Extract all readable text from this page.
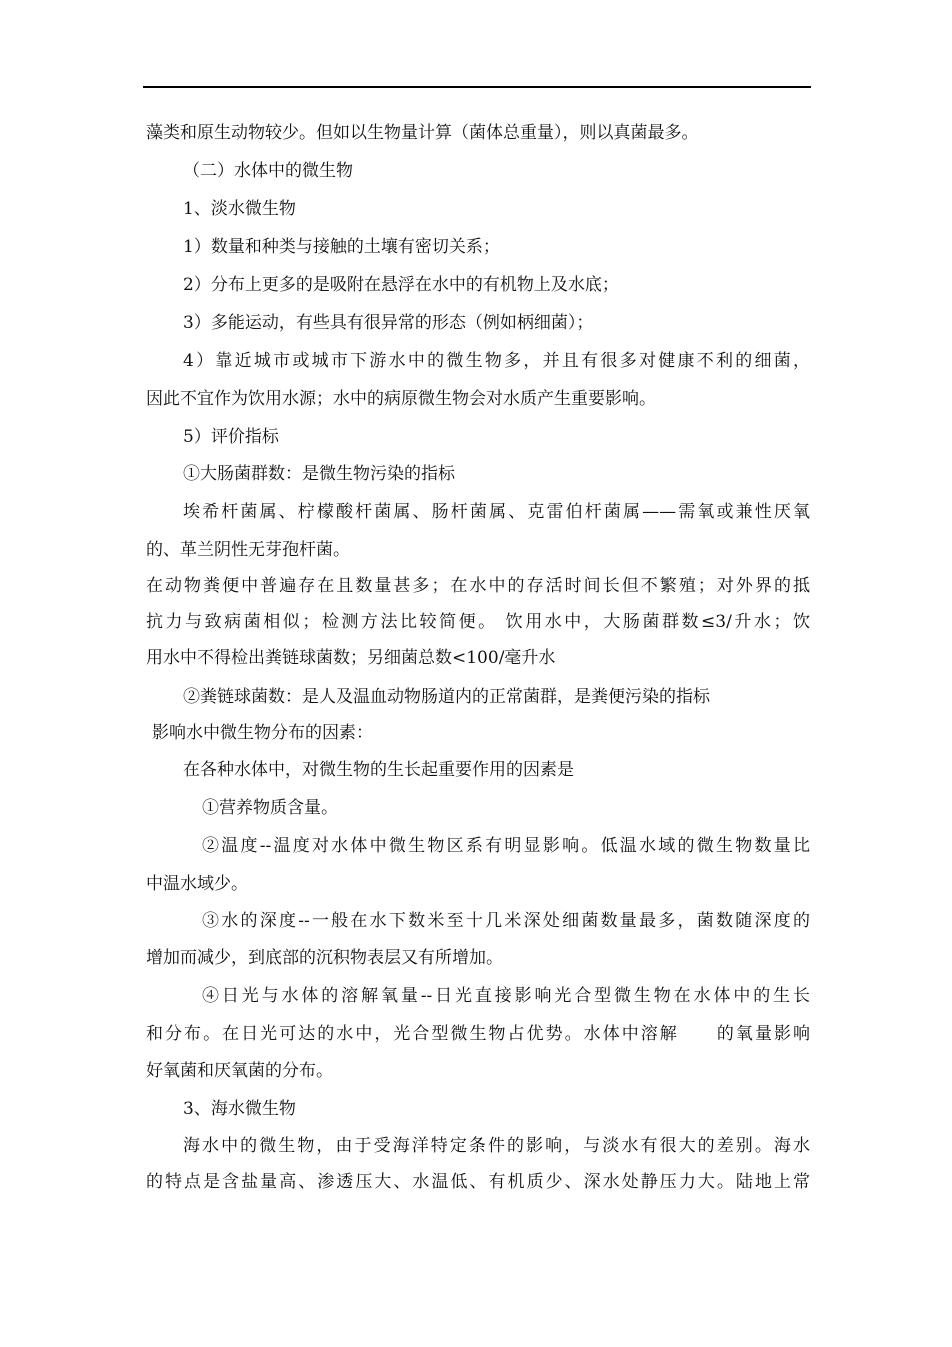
藻类和原生动物较少。但如以生物量计算（菌体总重量），则以真菌最多。
（二）水体中的微生物
1、淡水微生物
1）数量和种类与接触的土壤有密切关系；
2）分布上更多的是吸附在悬浮在水中的有机物上及水底；
3）多能运动，有些具有很异常的形态（例如柄细菌）；
4）靠近城市或城市下游水中的微生物多，并且有很多对健康不利的细菌，
因此不宜作为饮用水源；水中的病原微生物会对水质产生重要影响。
5）评价指标
①大肠菌群数：是微生物污染的指标
埃希杆菌属、柠檬酸杆菌属、肠杆菌属、克雷伯杆菌属——需氧或兼性厌氧
的、革兰阴性无芽孢杆菌。
在动物粪便中普遍存在且数量甚多；在水中的存活时间长但不繁殖；对外界的抵
抗力与致病菌相似；检测方法比较简便。 饮用水中，大肠菌群数≤3/升水；饮
用水中不得检出粪链球菌数；另细菌总数<100/毫升水
②粪链球菌数：是人及温血动物肠道内的正常菌群，是粪便污染的指标
影响水中微生物分布的因素：
在各种水体中，对微生物的生长起重要作用的因素是
①营养物质含量。
②温度--温度对水体中微生物区系有明显影响。低温水域的微生物数量比
中温水域少。
③水的深度--一般在水下数米至十几米深处细菌数量最多，菌数随深度的
增加而减少，到底部的沉积物表层又有所增加。
④日光与水体的溶解氧量--日光直接影响光合型微生物在水体中的生长
和分布。在日光可达的水中，光合型微生物占优势。水体中溶解　　的氧量影响
好氧菌和厌氧菌的分布。
3、海水微生物
海水中的微生物，由于受海洋特定条件的影响，与淡水有很大的差别。海水
的特点是含盐量高、渗透压大、水温低、有机质少、深水处静压力大。陆地上常
